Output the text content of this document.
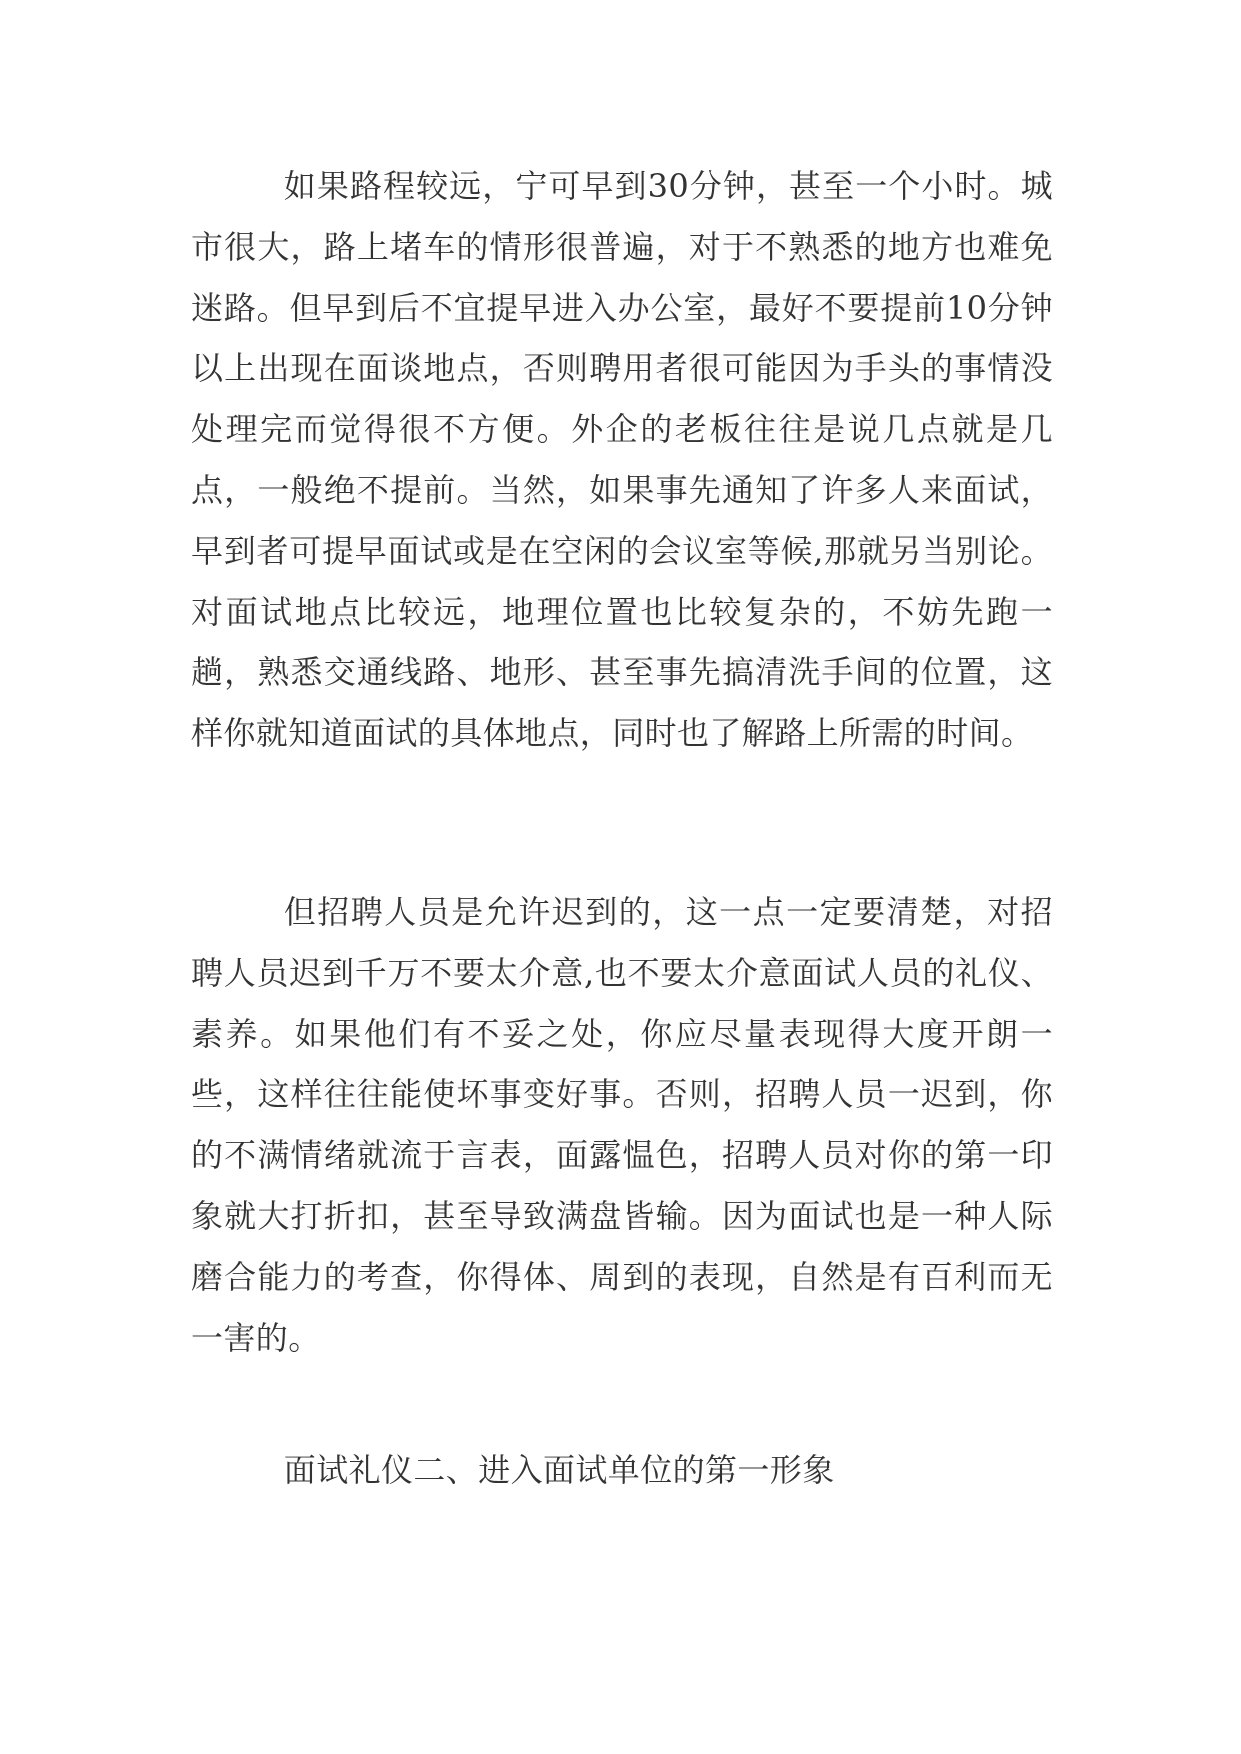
如果路程较远，宁可早到30分钟，甚至一个小时。城市很大，路上堵车的情形很普遍，对于不熟悉的地方也难免迷路。但早到后不宜提早进入办公室，最好不要提前10分钟以上出现在面谈地点，否则聘用者很可能因为手头的事情没处理完而觉得很不方便。外企的老板往往是说几点就是几点，一般绝不提前。当然，如果事先通知了许多人来面试，早到者可提早面试或是在空闲的会议室等候,那就另当别论。对面试地点比较远，地理位置也比较复杂的，不妨先跑一趟，熟悉交通线路、地形、甚至事先搞清洗手间的位置，这样你就知道面试的具体地点，同时也了解路上所需的时间。

但招聘人员是允许迟到的，这一点一定要清楚，对招聘人员迟到千万不要太介意,也不要太介意面试人员的礼仪、素养。如果他们有不妥之处，你应尽量表现得大度开朗一些，这样往往能使坏事变好事。否则，招聘人员一迟到，你的不满情绪就流于言表，面露愠色，招聘人员对你的第一印象就大打折扣，甚至导致满盘皆输。因为面试也是一种人际磨合能力的考查，你得体、周到的表现，自然是有百利而无一害的。

面试礼仪二、进入面试单位的第一形象
